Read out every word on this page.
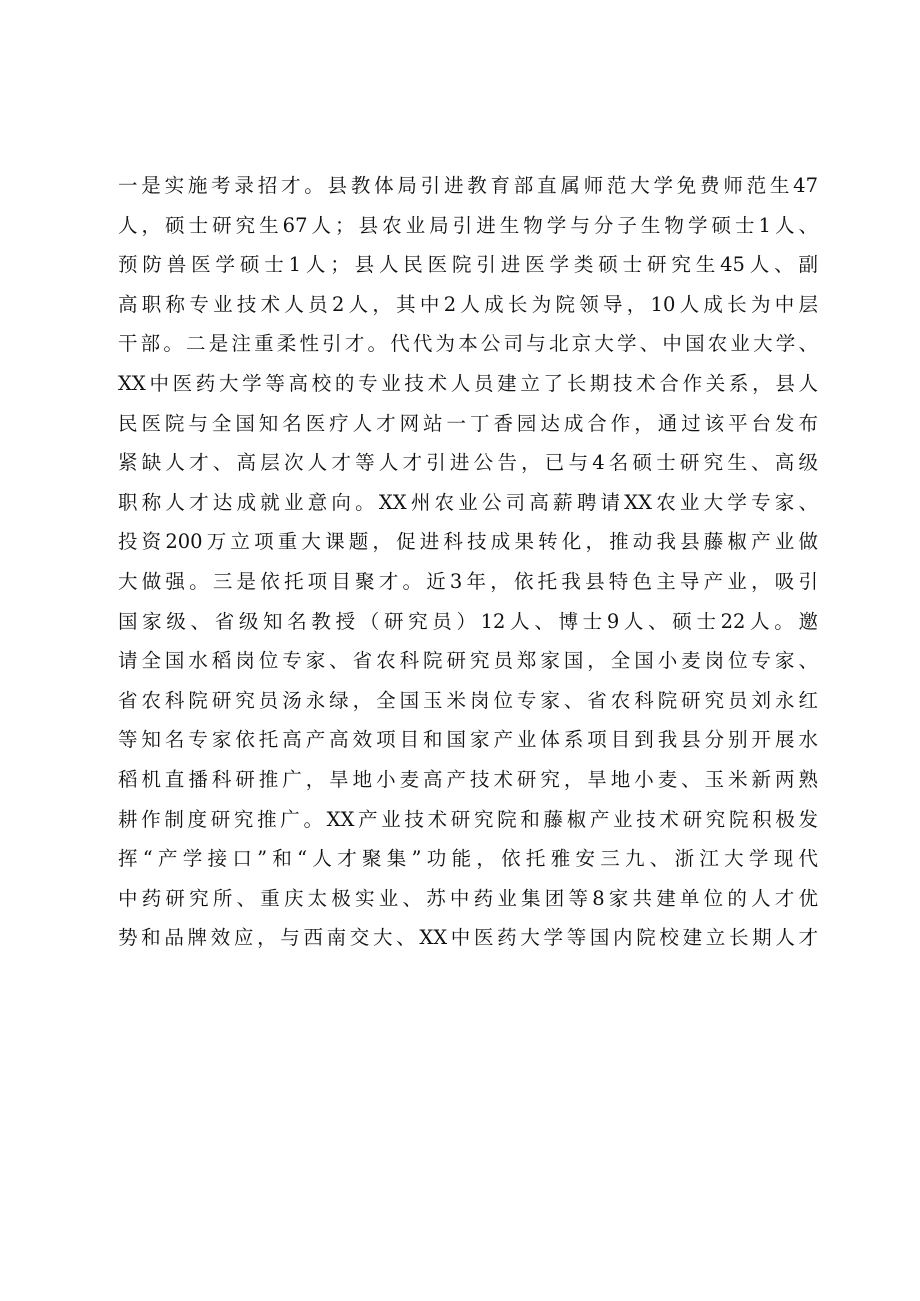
一是实施考录招才。县教体局引进教育部直属师范大学免费师范生47
人，硕士研究生67人；县农业局引进生物学与分子生物学硕士1人、
预防兽医学硕士1人；县人民医院引进医学类硕士研究生45人、副
高职称专业技术人员2人，其中2人成长为院领导，10人成长为中层
干部。二是注重柔性引才。代代为本公司与北京大学、中国农业大学、
XX中医药大学等高校的专业技术人员建立了长期技术合作关系，县人
民医院与全国知名医疗人才网站一丁香园达成合作，通过该平台发布
紧缺人才、高层次人才等人才引进公告，已与4名硕士研究生、高级
职称人才达成就业意向。XX州农业公司高薪聘请XX农业大学专家、
投资200万立项重大课题，促进科技成果转化，推动我县藤椒产业做
大做强。三是依托项目聚才。近3年，依托我县特色主导产业，吸引
国家级、省级知名教授（研究员）12人、博士9人、硕士22人。邀
请全国水稻岗位专家、省农科院研究员郑家国，全国小麦岗位专家、
省农科院研究员汤永绿，全国玉米岗位专家、省农科院研究员刘永红
等知名专家依托高产高效项目和国家产业体系项目到我县分别开展水
稻机直播科研推广，旱地小麦高产技术研究，旱地小麦、玉米新两熟
耕作制度研究推广。XX产业技术研究院和藤椒产业技术研究院积极发
挥“产学接口”和“人才聚集”功能，依托雅安三九、浙江大学现代
中药研究所、重庆太极实业、苏中药业集团等8家共建单位的人才优
势和品牌效应，与西南交大、XX中医药大学等国内院校建立长期人才
